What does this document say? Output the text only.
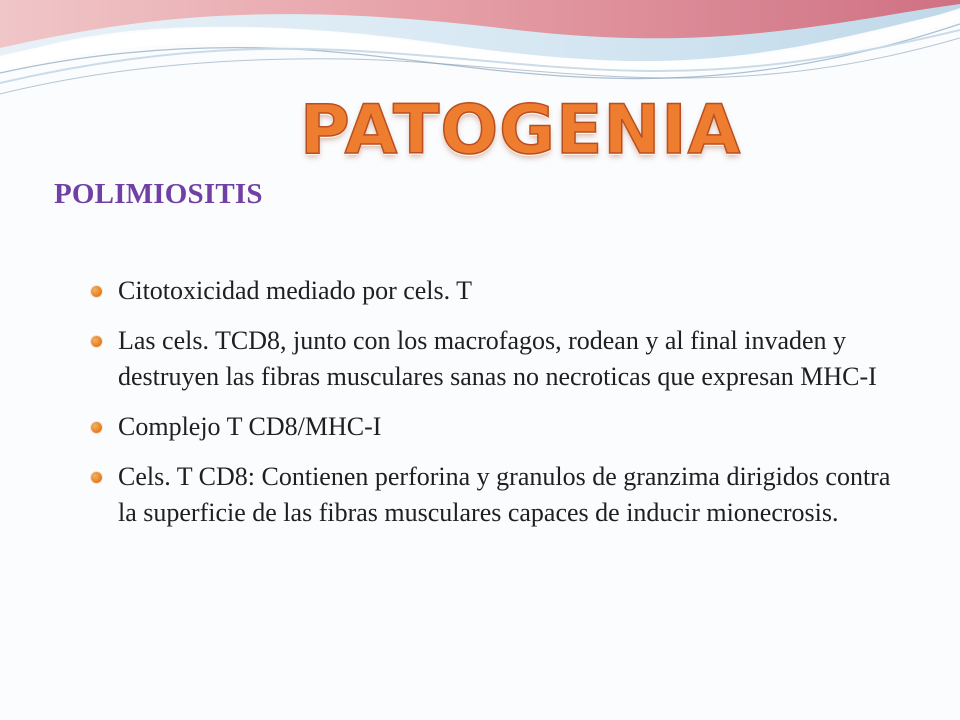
PATOGENIA
POLIMIOSITIS
Citotoxicidad mediado por cels. T
Las cels. TCD8, junto con los macrofagos, rodean y al final invaden y destruyen las fibras musculares sanas no necroticas que expresan MHC-I
Complejo T CD8/MHC-I
Cels. T CD8: Contienen perforina y granulos de granzima dirigidos contra la superficie de las fibras musculares capaces de inducir mionecrosis.
